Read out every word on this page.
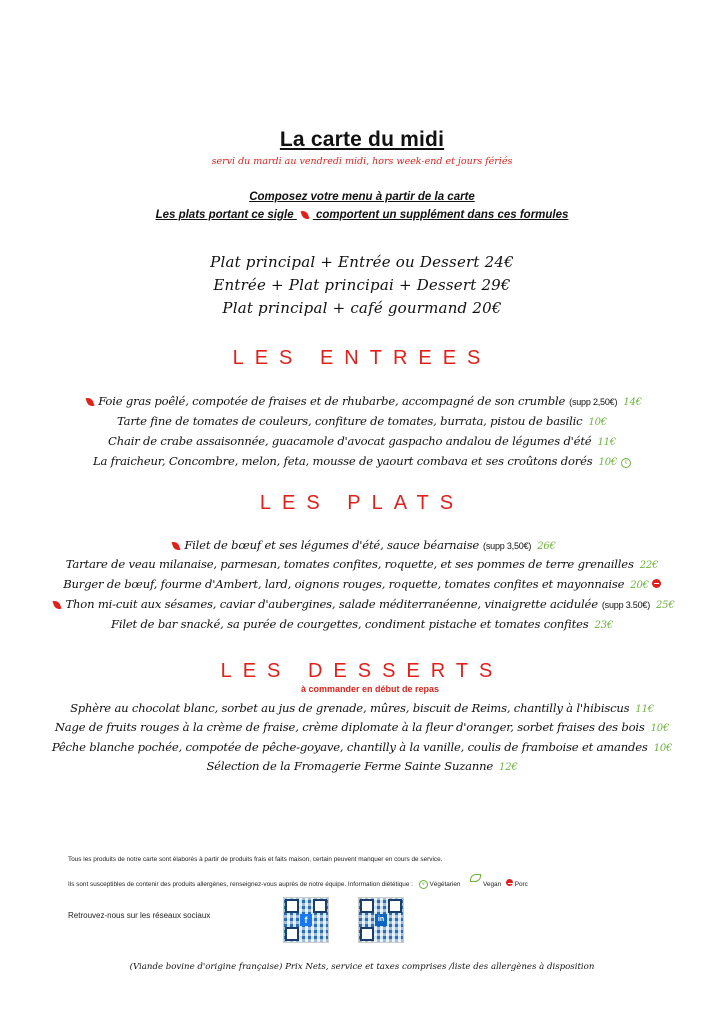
La carte du midi
servi du mardi au vendredi midi, hors week-end et jours fériés
Composez votre menu à partir de la carte
Les plats portant ce sigle comportent un supplément dans ces formules
Plat principal + Entrée ou Dessert 24€
Entrée + Plat principai + Dessert 29€
Plat principal + café gourmand 20€
LES ENTREES
Foie gras poêlé, compotée de fraises et de rhubarbe, accompagné de son crumble (supp 2,50€) 14€
Tarte fine de tomates de couleurs, confiture de tomates, burrata, pistou de basilic 10€
Chair de crabe assaisonnée, guacamole d'avocat gaspacho andalou de légumes d'été 11€
La fraicheur, Concombre, melon, feta, mousse de yaourt combava et ses croûtons dorés 10€ v
LES PLATS
Filet de bœuf et ses légumes d'été, sauce béarnaise (supp 3,50€) 26€
Tartare de veau milanaise, parmesan, tomates confites, roquette, et ses pommes de terre grenailles 22€
Burger de bœuf, fourme d'Ambert, lard, oignons rouges, roquette, tomates confites et mayonnaise 20€
Thon mi-cuit aux sésames, caviar d'aubergines, salade méditerranéenne, vinaigrette acidulée (supp 3.50€) 25€
Filet de bar snacké, sa purée de courgettes, condiment pistache et tomates confites 23€
LES DESSERTS
à commander en début de repas
Sphère au chocolat blanc, sorbet au jus de grenade, mûres, biscuit de Reims, chantilly à l'hibiscus 11€
Nage de fruits rouges à la crème de fraise, crème diplomate à la fleur d'oranger, sorbet fraises des bois 10€
Pêche blanche pochée, compotée de pêche-goyave, chantilly à la vanille, coulis de framboise et amandes 10€
Sélection de la Fromagerie Ferme Sainte Suzanne 12€
Tous les produits de notre carte sont élaborés à partir de produits frais et faits maison, certain peuvent manquer en cours de service.
Ils sont susceptibles de contenir des produits allergènes, renseignez-vous auprès de notre équipe. Information diététique : v Végétarien	Vegan Porc
Retrouvez-nous sur les réseaux sociaux	f	in
(Viande bovine d'origine française) Prix Nets, service et taxes comprises /liste des allergènes à disposition
